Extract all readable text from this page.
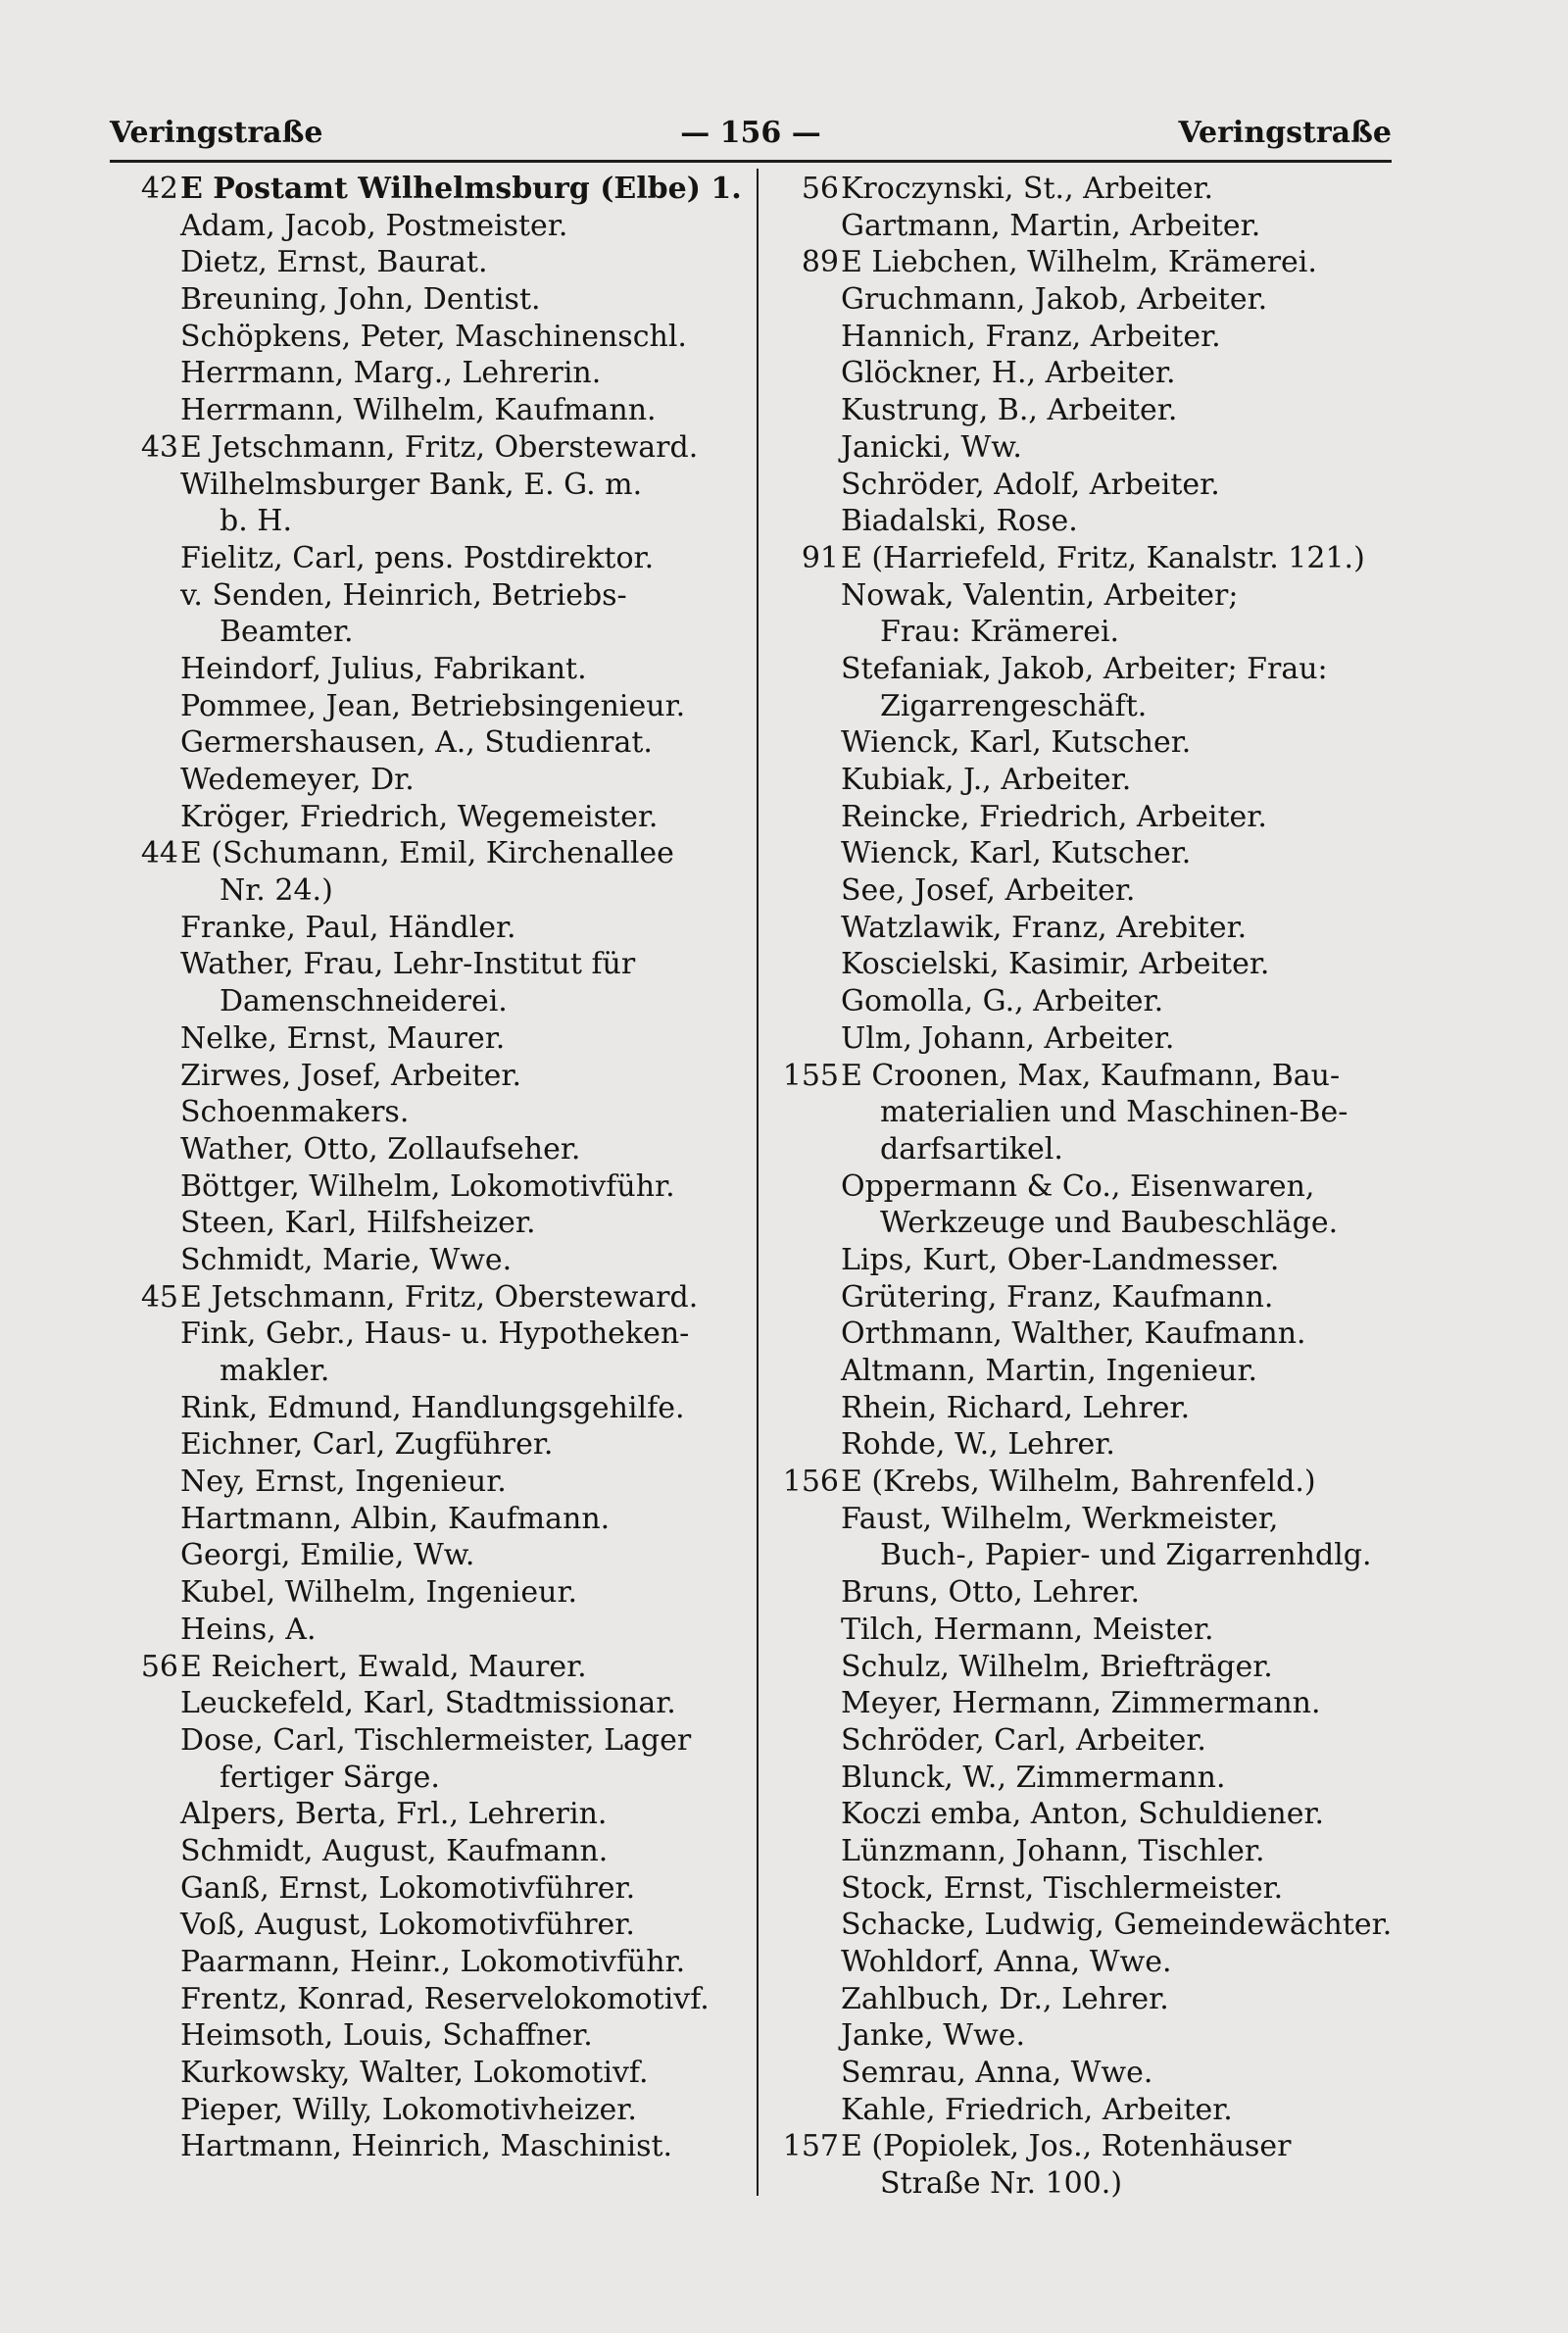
Veringstraße	— 156 —	Veringstraße
42 E Postamt Wilhelmsburg (Elbe) 1.
Adam, Jacob, Postmeister.
Dietz, Ernst, Baurat.
Breuning, John, Dentist.
Schöpkens, Peter, Maschinenschl.
Herrmann, Marg., Lehrerin.
Herrmann, Wilhelm, Kaufmann.
43 E Jetschmann, Fritz, Obersteward.
Wilhelmsburger Bank, E. G. m.
b. H.
Fielitz, Carl, pens. Postdirektor.
v. Senden, Heinrich, Betriebs-
Beamter.
Heindorf, Julius, Fabrikant.
Pommee, Jean, Betriebsingenieur.
Germershausen, A., Studienrat.
Wedemeyer, Dr.
Kröger, Friedrich, Wegemeister.
44 E (Schumann, Emil, Kirchenallee
Nr. 24.)
Franke, Paul, Händler.
Wather, Frau, Lehr-Institut für
Damenschneiderei.
Nelke, Ernst, Maurer.
Zirwes, Josef, Arbeiter.
Schoenmakers.
Wather, Otto, Zollaufseher.
Böttger, Wilhelm, Lokomotivführ.
Steen, Karl, Hilfsheizer.
Schmidt, Marie, Wwe.
45 E Jetschmann, Fritz, Obersteward.
Fink, Gebr., Haus- u. Hypotheken-
makler.
Rink, Edmund, Handlungsgehilfe.
Eichner, Carl, Zugführer.
Ney, Ernst, Ingenieur.
Hartmann, Albin, Kaufmann.
Georgi, Emilie, Ww.
Kubel, Wilhelm, Ingenieur.
Heins, A.
56 E Reichert, Ewald, Maurer.
Leuckefeld, Karl, Stadtmissionar.
Dose, Carl, Tischlermeister, Lager
fertiger Särge.
Alpers, Berta, Frl., Lehrerin.
Schmidt, August, Kaufmann.
Ganß, Ernst, Lokomotivführer.
Voß, August, Lokomotivführer.
Paarmann, Heinr., Lokomotivführ.
Frentz, Konrad, Reservelokomotivf.
Heimsoth, Louis, Schaffner.
Kurkowsky, Walter, Lokomotivf.
Pieper, Willy, Lokomotivheizer.
Hartmann, Heinrich, Maschinist.
56 Kroczynski, St., Arbeiter.
Gartmann, Martin, Arbeiter.
89 E Liebchen, Wilhelm, Krämerei.
Gruchmann, Jakob, Arbeiter.
Hannich, Franz, Arbeiter.
Glöckner, H., Arbeiter.
Kustrung, B., Arbeiter.
Janicki, Ww.
Schröder, Adolf, Arbeiter.
Biadalski, Rose.
91 E (Harriefeld, Fritz, Kanalstr. 121.)
Nowak, Valentin, Arbeiter;
Frau: Krämerei.
Stefaniak, Jakob, Arbeiter; Frau:
Zigarrengeschäft.
Wienck, Karl, Kutscher.
Kubiak, J., Arbeiter.
Reincke, Friedrich, Arbeiter.
Wienck, Karl, Kutscher.
See, Josef, Arbeiter.
Watzlawik, Franz, Arebiter.
Koscielski, Kasimir, Arbeiter.
Gomolla, G., Arbeiter.
Ulm, Johann, Arbeiter.
155 E Croonen, Max, Kaufmann, Bau-
materialien und Maschinen-Be-
darfsartikel.
Oppermann & Co., Eisenwaren,
Werkzeuge und Baubeschläge.
Lips, Kurt, Ober-Landmesser.
Grütering, Franz, Kaufmann.
Orthmann, Walther, Kaufmann.
Altmann, Martin, Ingenieur.
Rhein, Richard, Lehrer.
Rohde, W., Lehrer.
156 E (Krebs, Wilhelm, Bahrenfeld.)
Faust, Wilhelm, Werkmeister,
Buch-, Papier- und Zigarrenhdlg.
Bruns, Otto, Lehrer.
Tilch, Hermann, Meister.
Schulz, Wilhelm, Briefträger.
Meyer, Hermann, Zimmermann.
Schröder, Carl, Arbeiter.
Blunck, W., Zimmermann.
Koczi emba, Anton, Schuldiener.
Lünzmann, Johann, Tischler.
Stock, Ernst, Tischlermeister.
Schacke, Ludwig, Gemeindewächter.
Wohldorf, Anna, Wwe.
Zahlbuch, Dr., Lehrer.
Janke, Wwe.
Semrau, Anna, Wwe.
Kahle, Friedrich, Arbeiter.
157 E (Popiolek, Jos., Rotenhäuser
Straße Nr. 100.)
